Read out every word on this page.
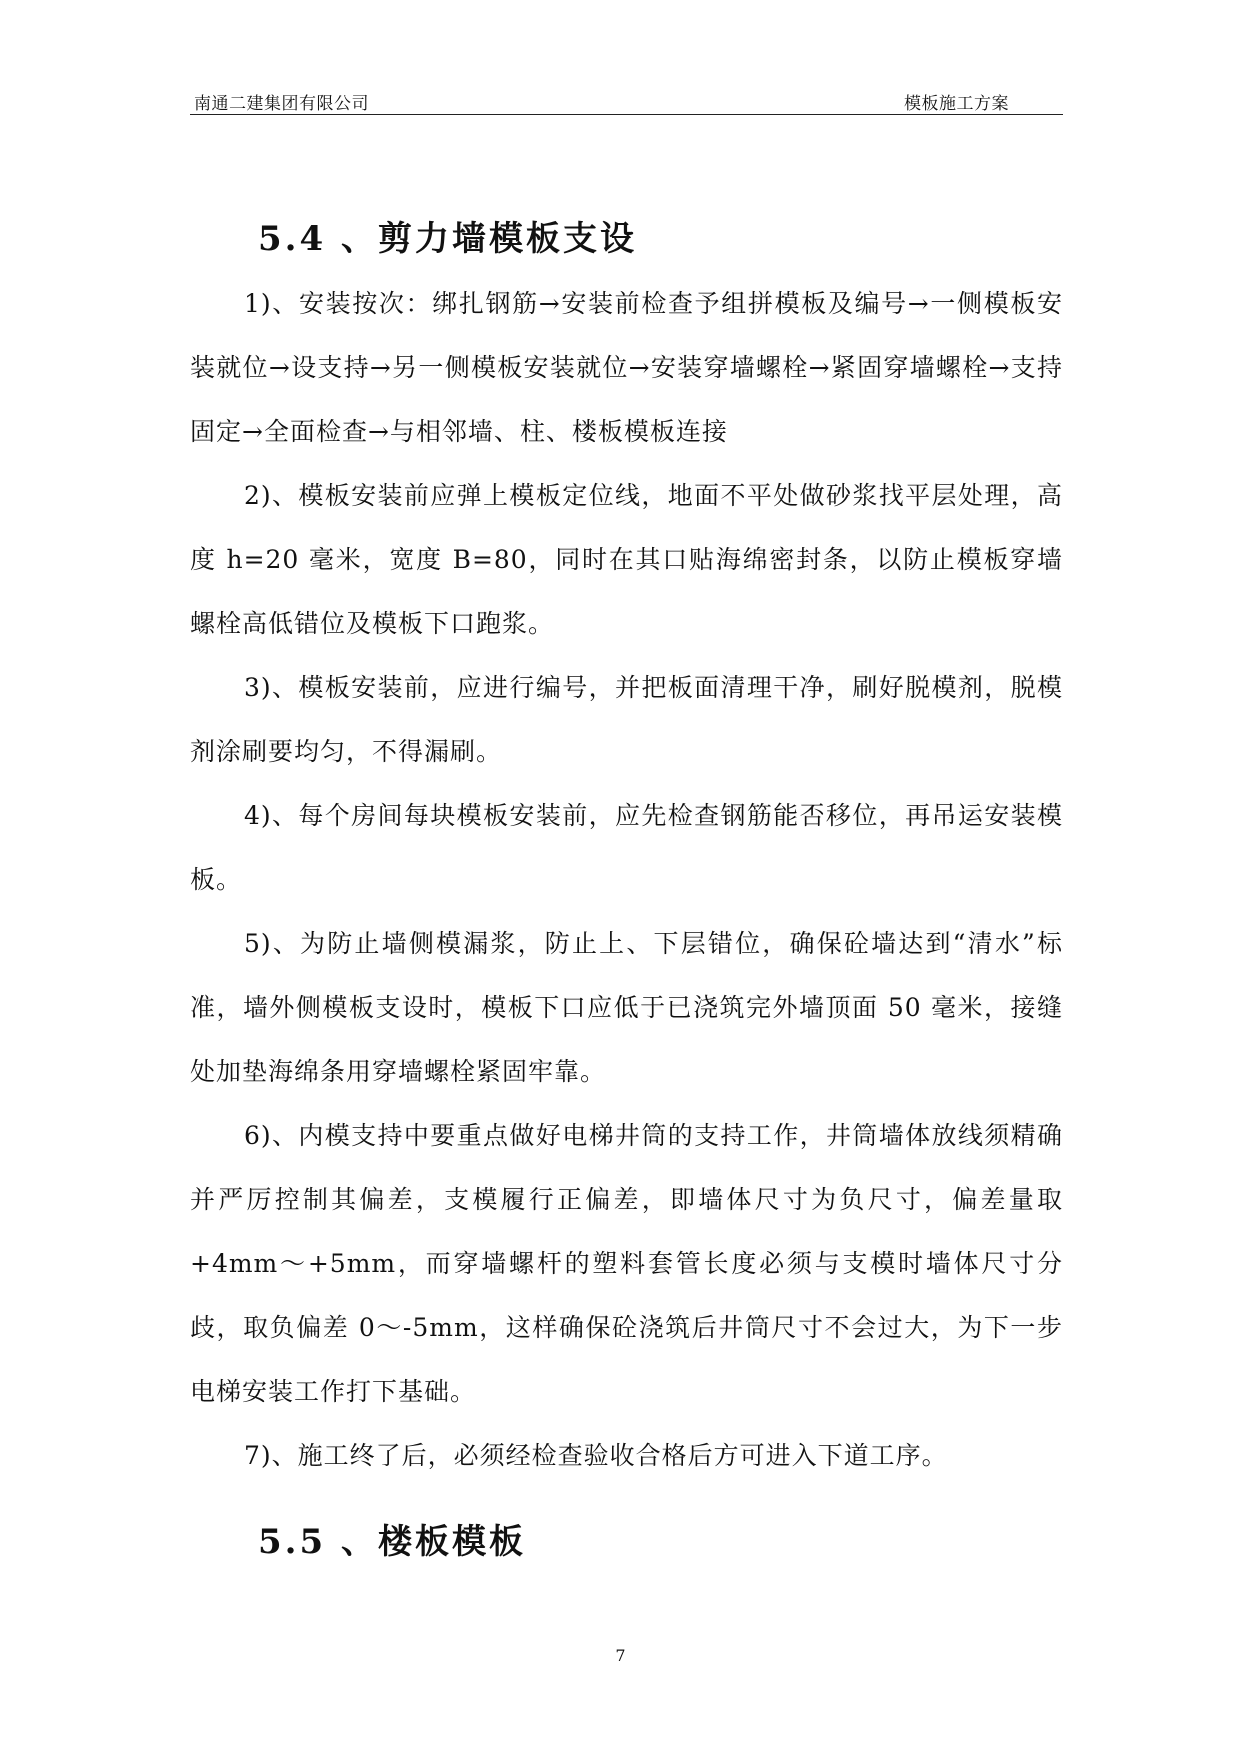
南通二建集团有限公司	模板施工方案
5.4 、剪力墙模板支设

1)、安装按次：绑扎钢筋→安装前检查予组拼模板及编号→一侧模板安装就位→设支持→另一侧模板安装就位→安装穿墙螺栓→紧固穿墙螺栓→支持固定→全面检查→与相邻墙、柱、楼板模板连接

2)、模板安装前应弹上模板定位线，地面不平处做砂浆找平层处理，高度 h=20 毫米，宽度 B=80，同时在其口贴海绵密封条，以防止模板穿墙螺栓高低错位及模板下口跑浆。

3)、模板安装前，应进行编号，并把板面清理干净，刷好脱模剂，脱模剂涂刷要均匀，不得漏刷。

4)、每个房间每块模板安装前，应先检查钢筋能否移位，再吊运安装模板。

5)、为防止墙侧模漏浆，防止上、下层错位，确保砼墙达到“清水”标准，墙外侧模板支设时，模板下口应低于已浇筑完外墙顶面 50 毫米，接缝处加垫海绵条用穿墙螺栓紧固牢靠。

6)、内模支持中要重点做好电梯井筒的支持工作，井筒墙体放线须精确并严厉控制其偏差，支模履行正偏差，即墙体尺寸为负尺寸，偏差量取+4mm～+5mm，而穿墙螺杆的塑料套管长度必须与支模时墙体尺寸分歧，取负偏差 0～-5mm，这样确保砼浇筑后井筒尺寸不会过大，为下一步电梯安装工作打下基础。

7)、施工终了后，必须经检查验收合格后方可进入下道工序。

5.5 、楼板模板
7
